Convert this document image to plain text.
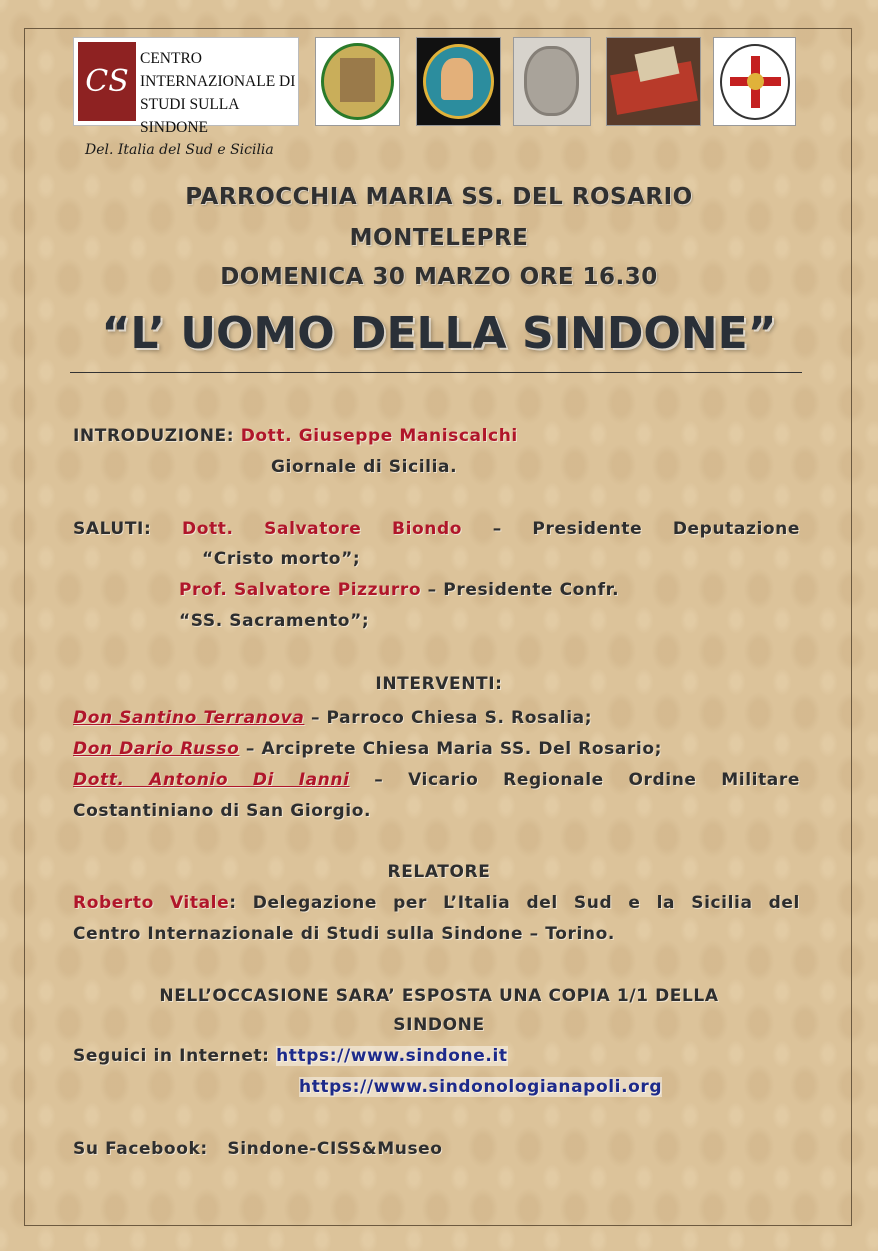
CS
CENTRO INTERNAZIONALE DI STUDI SULLA SINDONE
Del. Italia del Sud e Sicilia
PARROCCHIA MARIA SS. DEL ROSARIO
MONTELEPRE
DOMENICA 30 MARZO ORE 16.30
“L’ UOMO DELLA SINDONE”
INTRODUZIONE: Dott. Giuseppe Maniscalchi
Giornale di Sicilia.
SALUTI: Dott. Salvatore Biondo – Presidente Deputazione
“Cristo morto”;
Prof. Salvatore Pizzurro – Presidente Confr.
“SS. Sacramento”;
INTERVENTI:
Don Santino Terranova – Parroco Chiesa S. Rosalia;
Don Dario Russo – Arciprete Chiesa Maria SS. Del Rosario;
Dott. Antonio Di Ianni – Vicario Regionale Ordine Militare
Costantiniano di San Giorgio.
RELATORE
Roberto Vitale: Delegazione per L’Italia del Sud e la Sicilia del
Centro Internazionale di Studi sulla Sindone – Torino.
NELL’OCCASIONE SARA’ ESPOSTA UNA COPIA 1/1 DELLA
SINDONE
Seguici in Internet: https://www.sindone.it
https://www.sindonologianapoli.org
Su Facebook: Sindone-CISS&Museo
